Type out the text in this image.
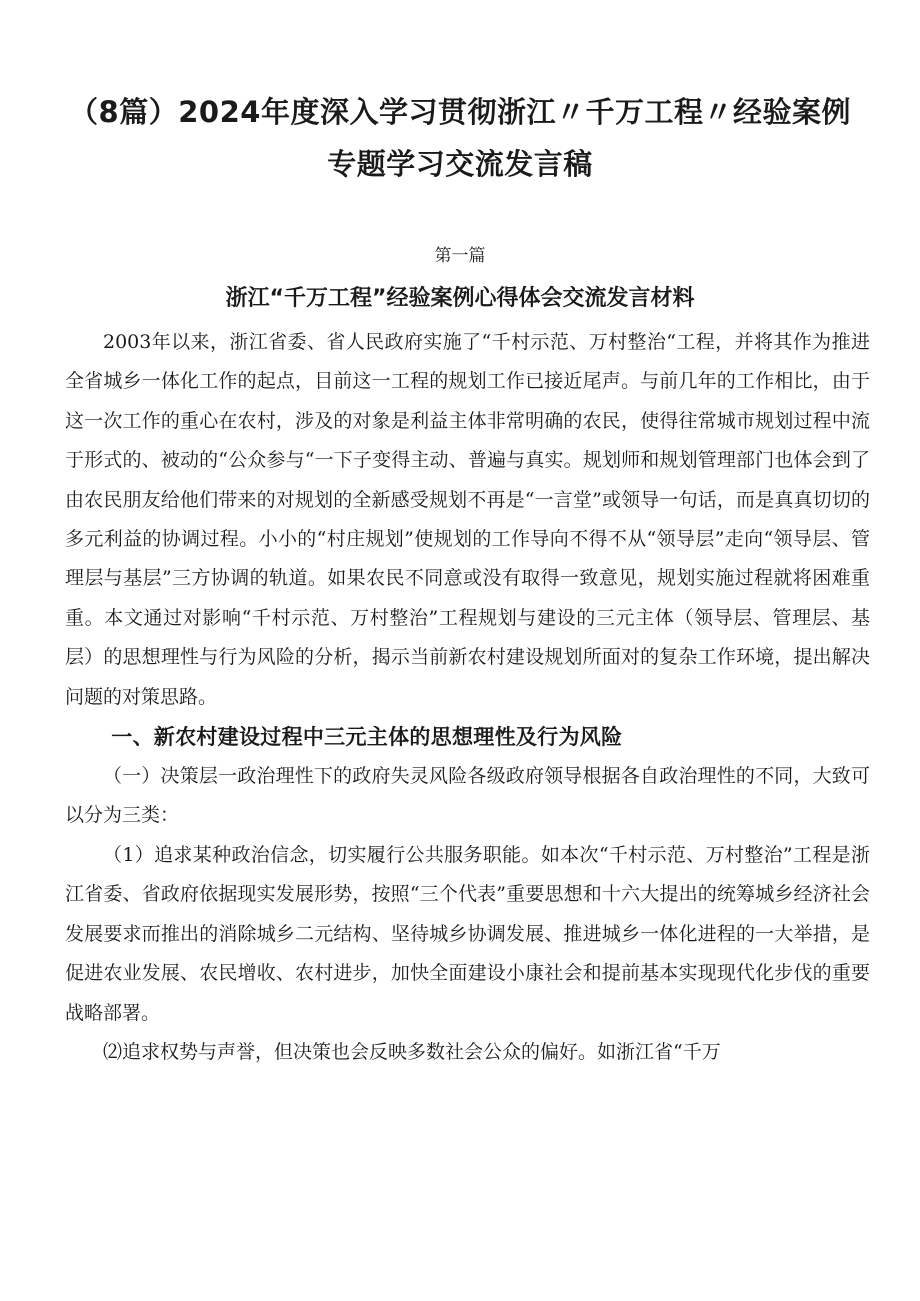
（8篇）2024年度深入学习贯彻浙江〃千万工程〃经验案例专题学习交流发言稿
第一篇
浙江“千万工程”经验案例心得体会交流发言材料

2003年以来，浙江省委、省人民政府实施了“千村示范、万村整治“工程，并将其作为推进全省城乡一体化工作的起点，目前这一工程的规划工作已接近尾声。与前几年的工作相比，由于这一次工作的重心在农村，涉及的对象是利益主体非常明确的农民，使得往常城市规划过程中流于形式的、被动的“公众参与“一下子变得主动、普遍与真实。规划师和规划管理部门也体会到了由农民朋友给他们带来的对规划的全新感受规划不再是“一言堂”或领导一句话，而是真真切切的多元利益的协调过程。小小的“村庄规划”使规划的工作导向不得不从“领导层”走向“领导层、管理层与基层”三方协调的轨道。如果农民不同意或没有取得一致意见，规划实施过程就将困难重重。本文通过对影响“千村示范、万村整治”工程规划与建设的三元主体（领导层、管理层、基层）的思想理性与行为风险的分析，揭示当前新农村建设规划所面对的复杂工作环境，提出解决问题的对策思路。

一、新农村建设过程中三元主体的思想理性及行为风险

（一）决策层一政治理性下的政府失灵风险各级政府领导根据各自政治理性的不同，大致可以分为三类：

（1）追求某种政治信念，切实履行公共服务职能。如本次“千村示范、万村整治”工程是浙江省委、省政府依据现实发展形势，按照“三个代表”重要思想和十六大提出的统筹城乡经济社会发展要求而推出的消除城乡二元结构、坚待城乡协调发展、推进城乡一体化进程的一大举措，是促进农业发展、农民增收、农村进步，加快全面建设小康社会和提前基本实现现代化步伐的重要战略部署。

⑵追求权势与声誉，但决策也会反映多数社会公众的偏好。如浙江省“千万
